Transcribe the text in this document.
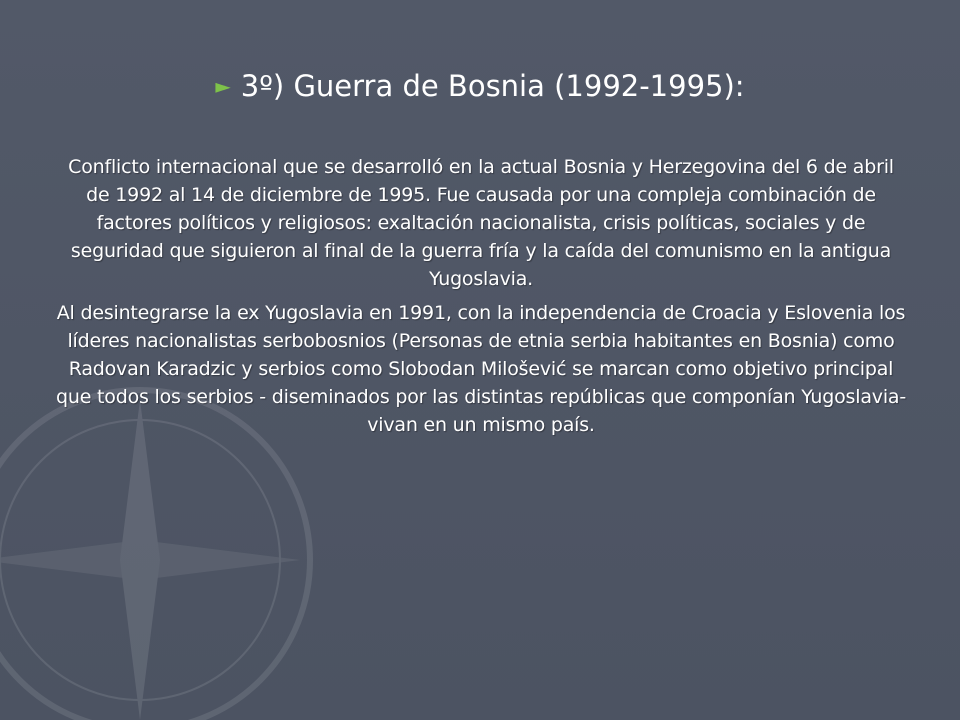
► 3º) Guerra de Bosnia (1992-1995):

Conflicto internacional que se desarrolló en la actual Bosnia y Herzegovina del 6 de abril de 1992 al 14 de diciembre de 1995. Fue causada por una compleja combinación de factores políticos y religiosos: exaltación nacionalista, crisis políticas, sociales y de seguridad que siguieron al final de la guerra fría y la caída del comunismo en la antigua Yugoslavia.

Al desintegrarse la ex Yugoslavia en 1991, con la independencia de Croacia y Eslovenia los líderes nacionalistas serbobosnios (Personas de etnia serbia habitantes en Bosnia) como Radovan Karadzic y serbios como Slobodan Milošević se marcan como objetivo principal que todos los serbios - diseminados por las distintas repúblicas que componían Yugoslavia- vivan en un mismo país.
